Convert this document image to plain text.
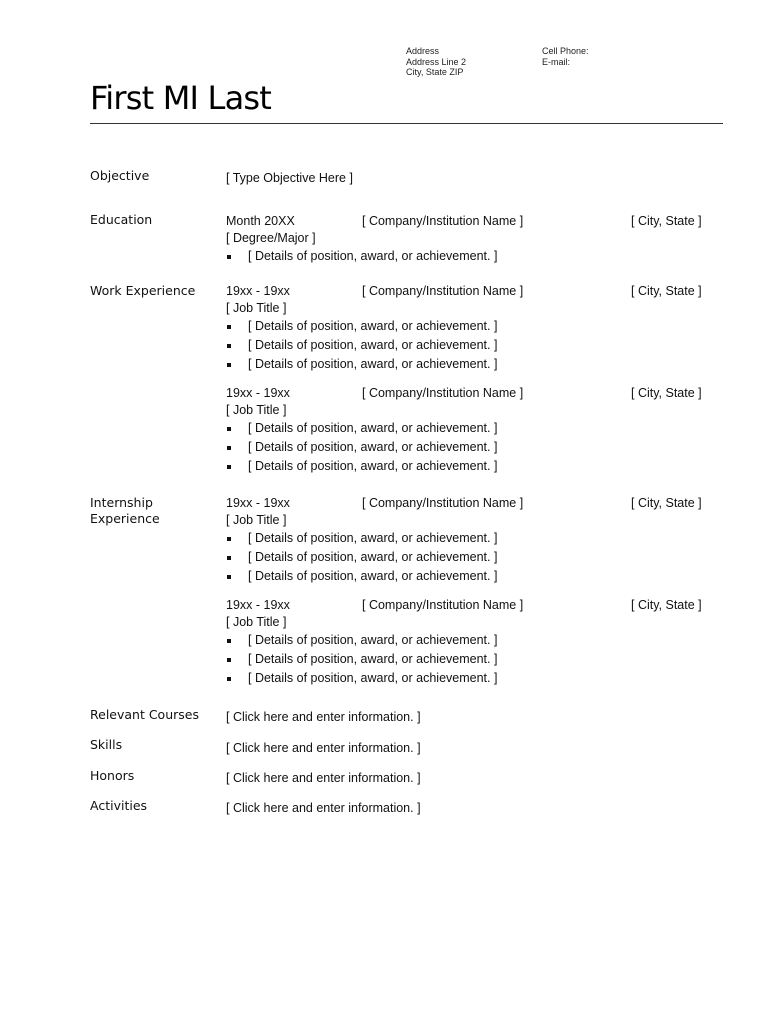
Address
Address Line 2
City, State ZIP
Cell Phone:
E-mail:
First MI Last
Objective	[ Type Objective Here ]
Education	Month 20XX	[ Company/Institution Name ]	[ City, State ]
[ Degree/Major ]
[ Details of position, award, or achievement. ]
Work Experience	19xx - 19xx	[ Company/Institution Name ]	[ City, State ]
[ Job Title ]
[ Details of position, award, or achievement. ]
[ Details of position, award, or achievement. ]
[ Details of position, award, or achievement. ]
19xx - 19xx	[ Company/Institution Name ]	[ City, State ]
[ Job Title ]
[ Details of position, award, or achievement. ]
[ Details of position, award, or achievement. ]
[ Details of position, award, or achievement. ]
Internship
Experience
19xx - 19xx	[ Company/Institution Name ]	[ City, State ]
[ Job Title ]
[ Details of position, award, or achievement. ]
[ Details of position, award, or achievement. ]
[ Details of position, award, or achievement. ]
19xx - 19xx	[ Company/Institution Name ]	[ City, State ]
[ Job Title ]
[ Details of position, award, or achievement. ]
[ Details of position, award, or achievement. ]
[ Details of position, award, or achievement. ]
Relevant Courses	[ Click here and enter information. ]
Skills	[ Click here and enter information. ]
Honors	[ Click here and enter information. ]
Activities	[ Click here and enter information. ]
